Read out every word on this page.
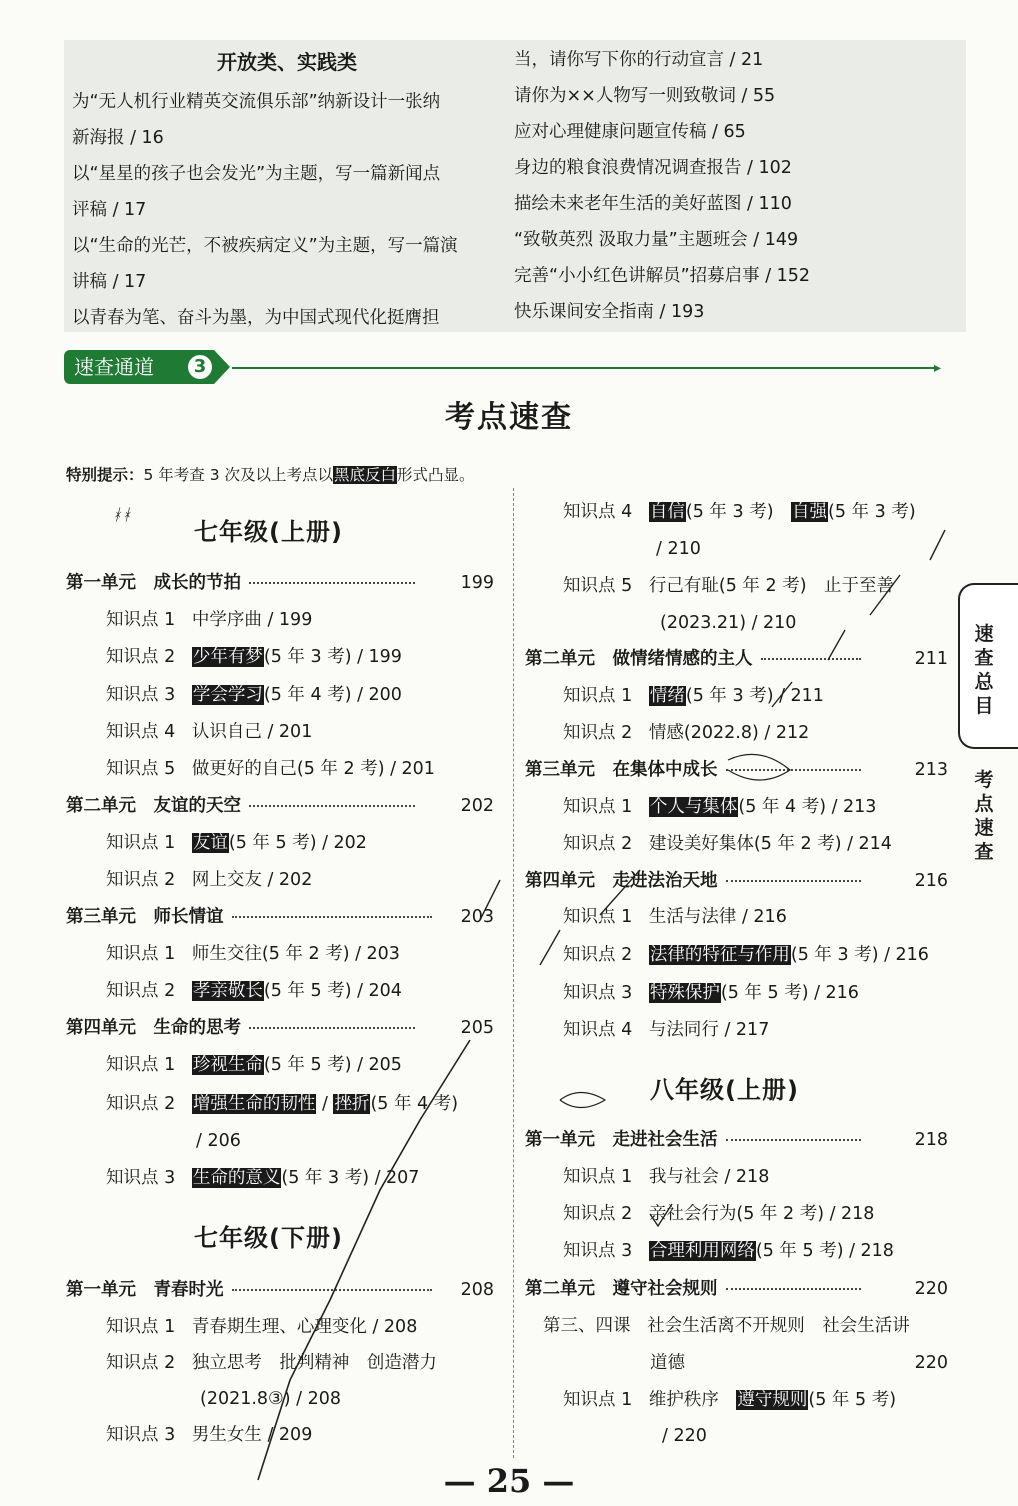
开放类、实践类
为“无人机行业精英交流俱乐部”纳新设计一张纳
新海报 / 16
以“星星的孩子也会发光”为主题，写一篇新闻点
评稿 / 17
以“生命的光芒，不被疾病定义”为主题，写一篇演
讲稿 / 17
以青春为笔、奋斗为墨，为中国式现代化挺膺担
当，请你写下你的行动宣言 / 21
请你为××人物写一则致敬词 / 55
应对心理健康问题宣传稿 / 65
身边的粮食浪费情况调查报告 / 102
描绘未来老年生活的美好蓝图 / 110
“致敬英烈 汲取力量”主题班会 / 149
完善“小小红色讲解员”招募启事 / 152
快乐课间安全指南 / 193
速查通道	3	▸
考点速查
特别提示：5 年考查 3 次及以上考点以黑底反白形式凸显。
七年级(上册)
ᚼᚼ
第一单元　成长的节拍	199
知识点 1 中学序曲 / 199
知识点 2 少年有梦(5 年 3 考) / 199
知识点 3 学会学习(5 年 4 考) / 200
知识点 4 认识自己 / 201
知识点 5 做更好的自己(5 年 2 考) / 201
第二单元　友谊的天空	202
知识点 1 友谊(5 年 5 考) / 202
知识点 2 网上交友 / 202
第三单元　师长情谊	203
知识点 1 师生交往(5 年 2 考) / 203
知识点 2 孝亲敬长(5 年 5 考) / 204
第四单元　生命的思考	205
知识点 1 珍视生命(5 年 5 考) / 205
知识点 2 增强生命的韧性 / 挫折(5 年 4 考)
/ 206
知识点 3 生命的意义(5 年 3 考) / 207
七年级(下册)
第一单元　青春时光	208
知识点 1 青春期生理、心理变化 / 208
知识点 2 独立思考　批判精神　创造潜力
(2021.8③) / 208
知识点 3 男生女生 / 209
知识点 4 自信(5 年 3 考)　自强(5 年 3 考)
/ 210
知识点 5 行己有耻(5 年 2 考)　止于至善
(2023.21) / 210
第二单元　做情绪情感的主人	211
知识点 1 情绪(5 年 3 考) / 211
知识点 2 情感(2022.8) / 212
第三单元　在集体中成长	213
知识点 1 个人与集体(5 年 4 考) / 213
知识点 2 建设美好集体(5 年 2 考) / 214
第四单元　走进法治天地	216
知识点 1 生活与法律 / 216
知识点 2 法律的特征与作用(5 年 3 考) / 216
知识点 3 特殊保护(5 年 5 考) / 216
知识点 4 与法同行 / 217
八年级(上册)
第一单元　走进社会生活	218
知识点 1 我与社会 / 218
知识点 2 亲社会行为(5 年 2 考) / 218
知识点 3 合理利用网络(5 年 5 考) / 218
第二单元　遵守社会规则	220
第三、四课 社会生活离不开规则　社会生活讲
道德	220
知识点 1 维护秩序　遵守规则(5 年 5 考)
/ 220
速
查
总
目
考
点
速
查
— 25 —
